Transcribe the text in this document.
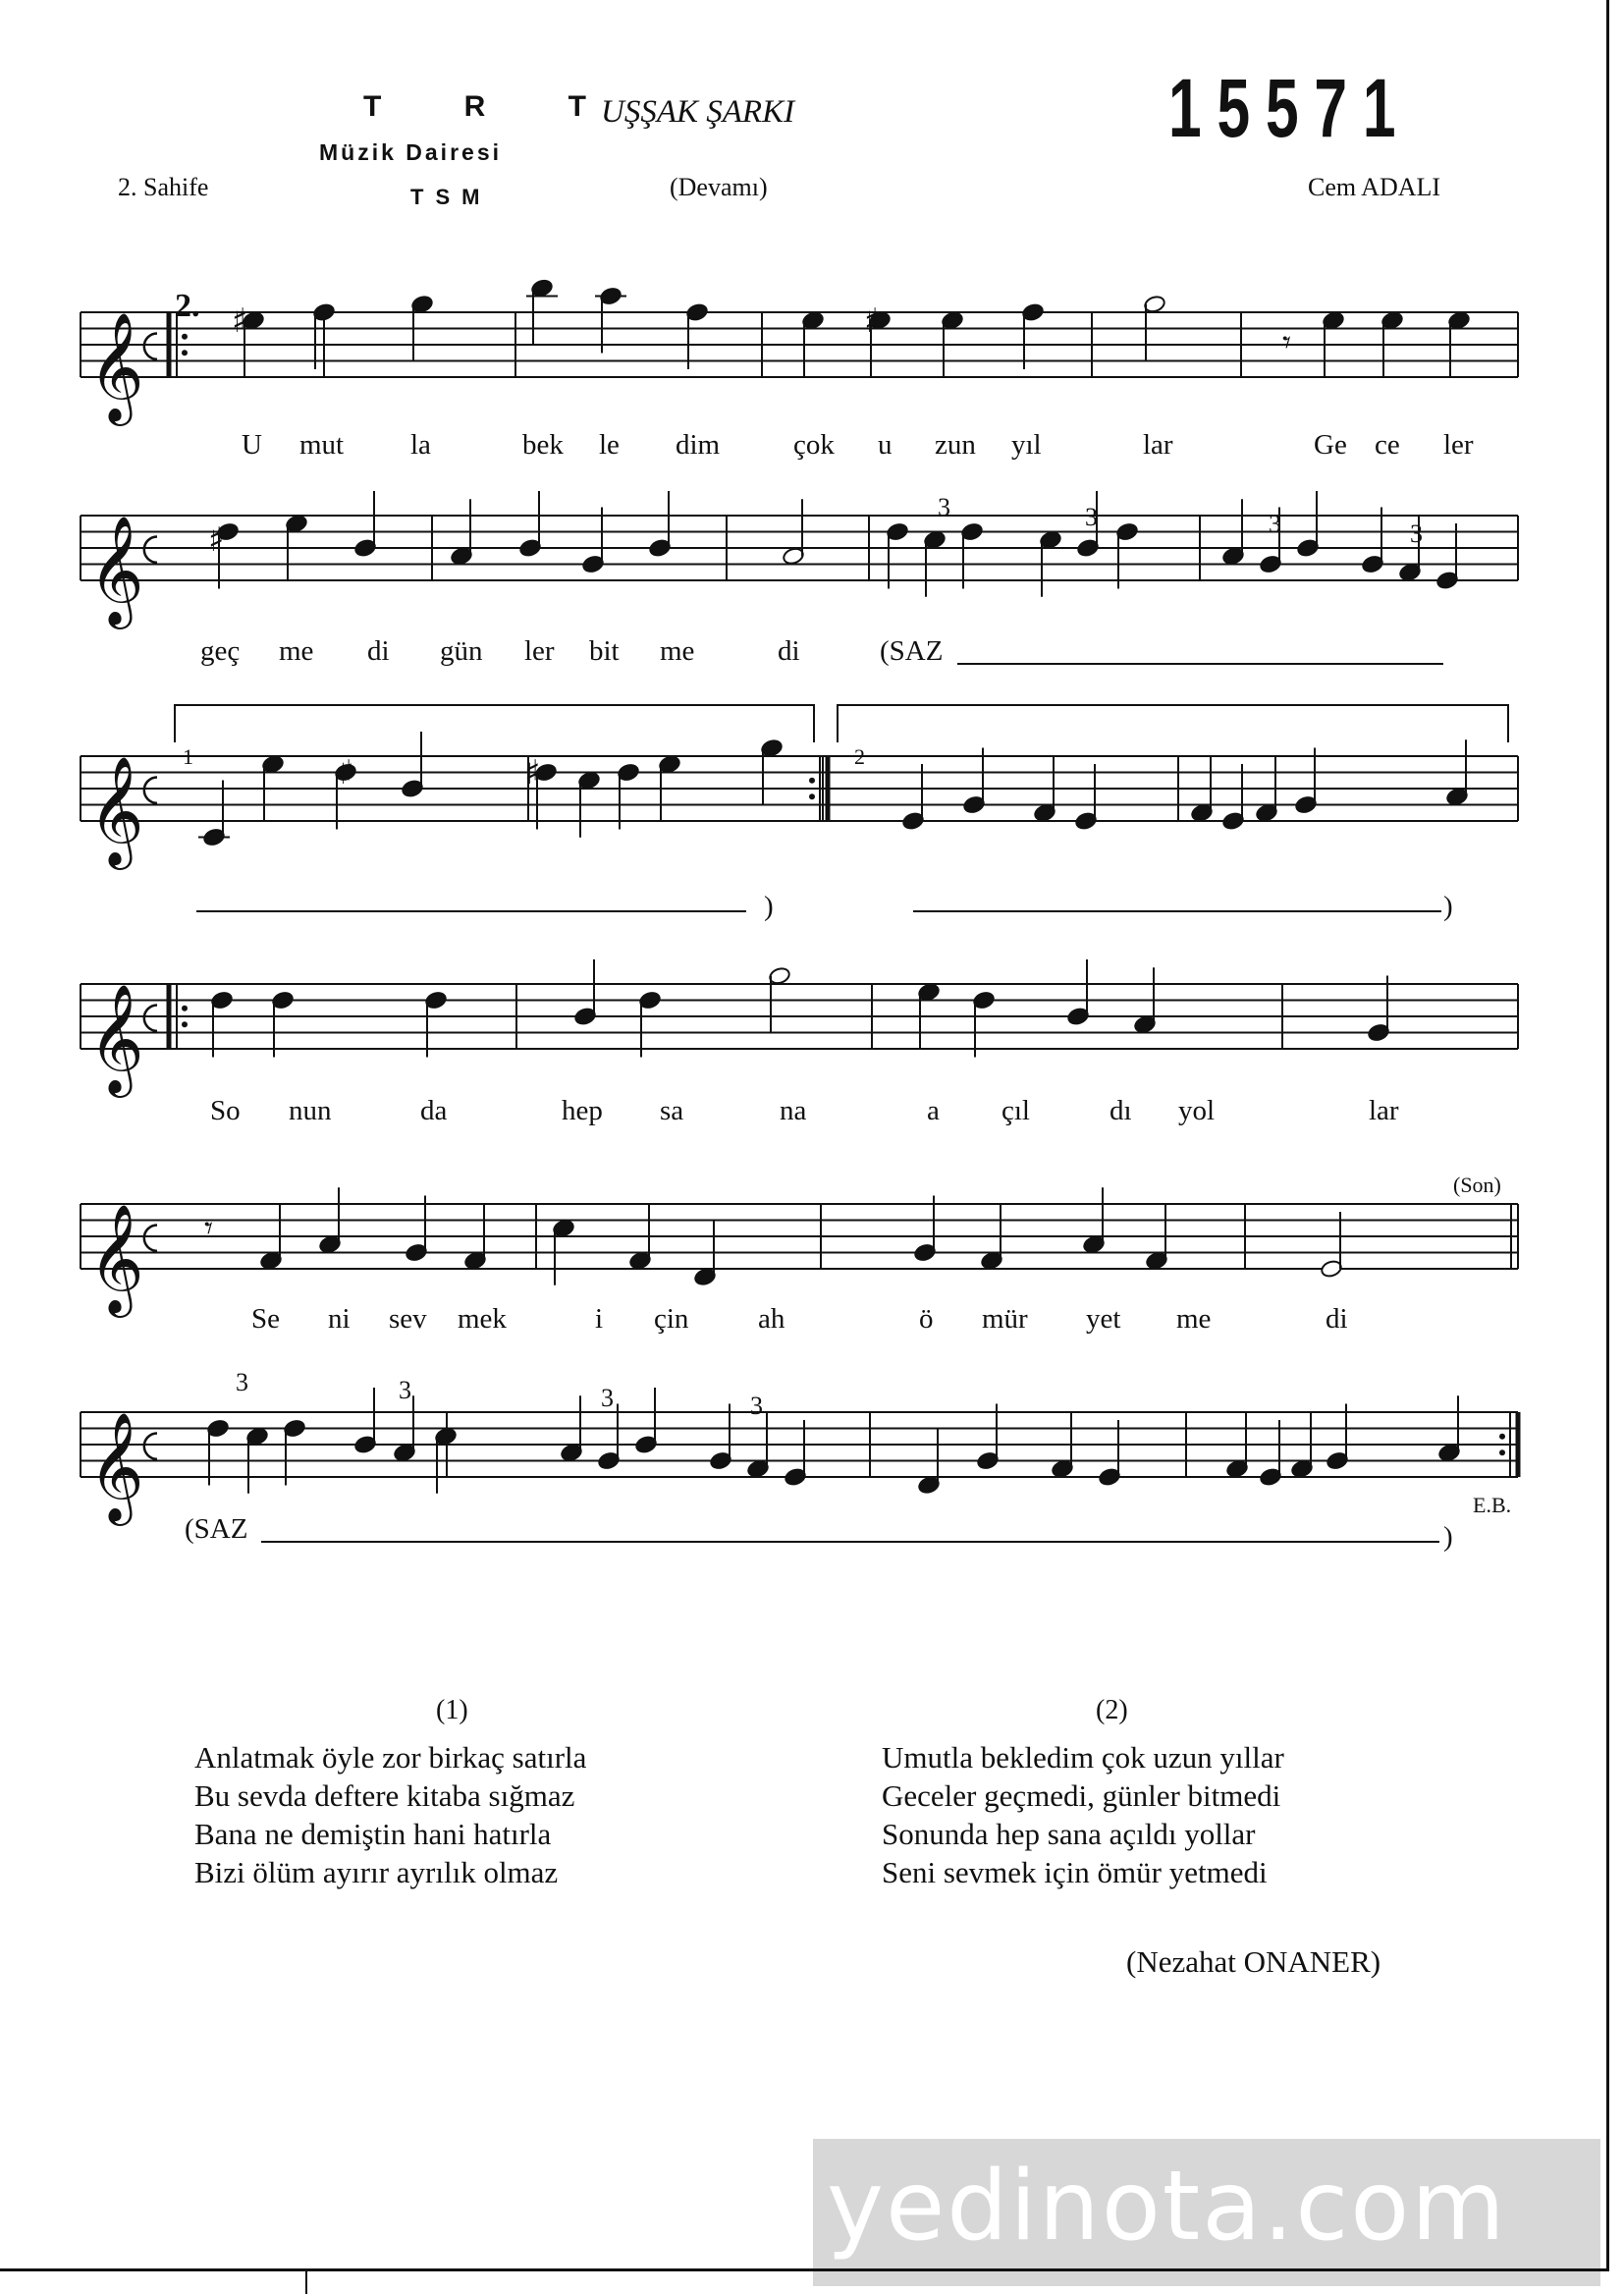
T R T
UŞŞAK ŞARKI	15571
Müzik Dairesi
TSM
2. Sahife	(Devamı)	Cem ADALI
𝄞
𝄞
𝄞
𝄞
𝄞
𝄞
♯	♯
♯
♯	♯
𝄾
𝄾
2.
U mut la	bek le dim	çok u zun yıl	lar	Ge ce ler
geç me di gün ler bit me	di	(SAZ
)	)
1	2
So nun	da	hep sa	na	a çıl	dı yol	lar
Se ni sev mek	i çin ah	ö mür yet me	di
(Son)
(SAZ	)
E.B.
3	3	3	3
3	3	3	3
(1)	(2)
Anlatmak öyle zor birkaç satırla
Bu sevda deftere kitaba sığmaz
Bana ne demiştin hani hatırla
Bizi ölüm ayırır ayrılık olmaz
Umutla bekledim çok uzun yıllar
Geceler geçmedi, günler bitmedi
Sonunda hep sana açıldı yollar
Seni sevmek için ömür yetmedi
(Nezahat ONANER)
yedinota.com
